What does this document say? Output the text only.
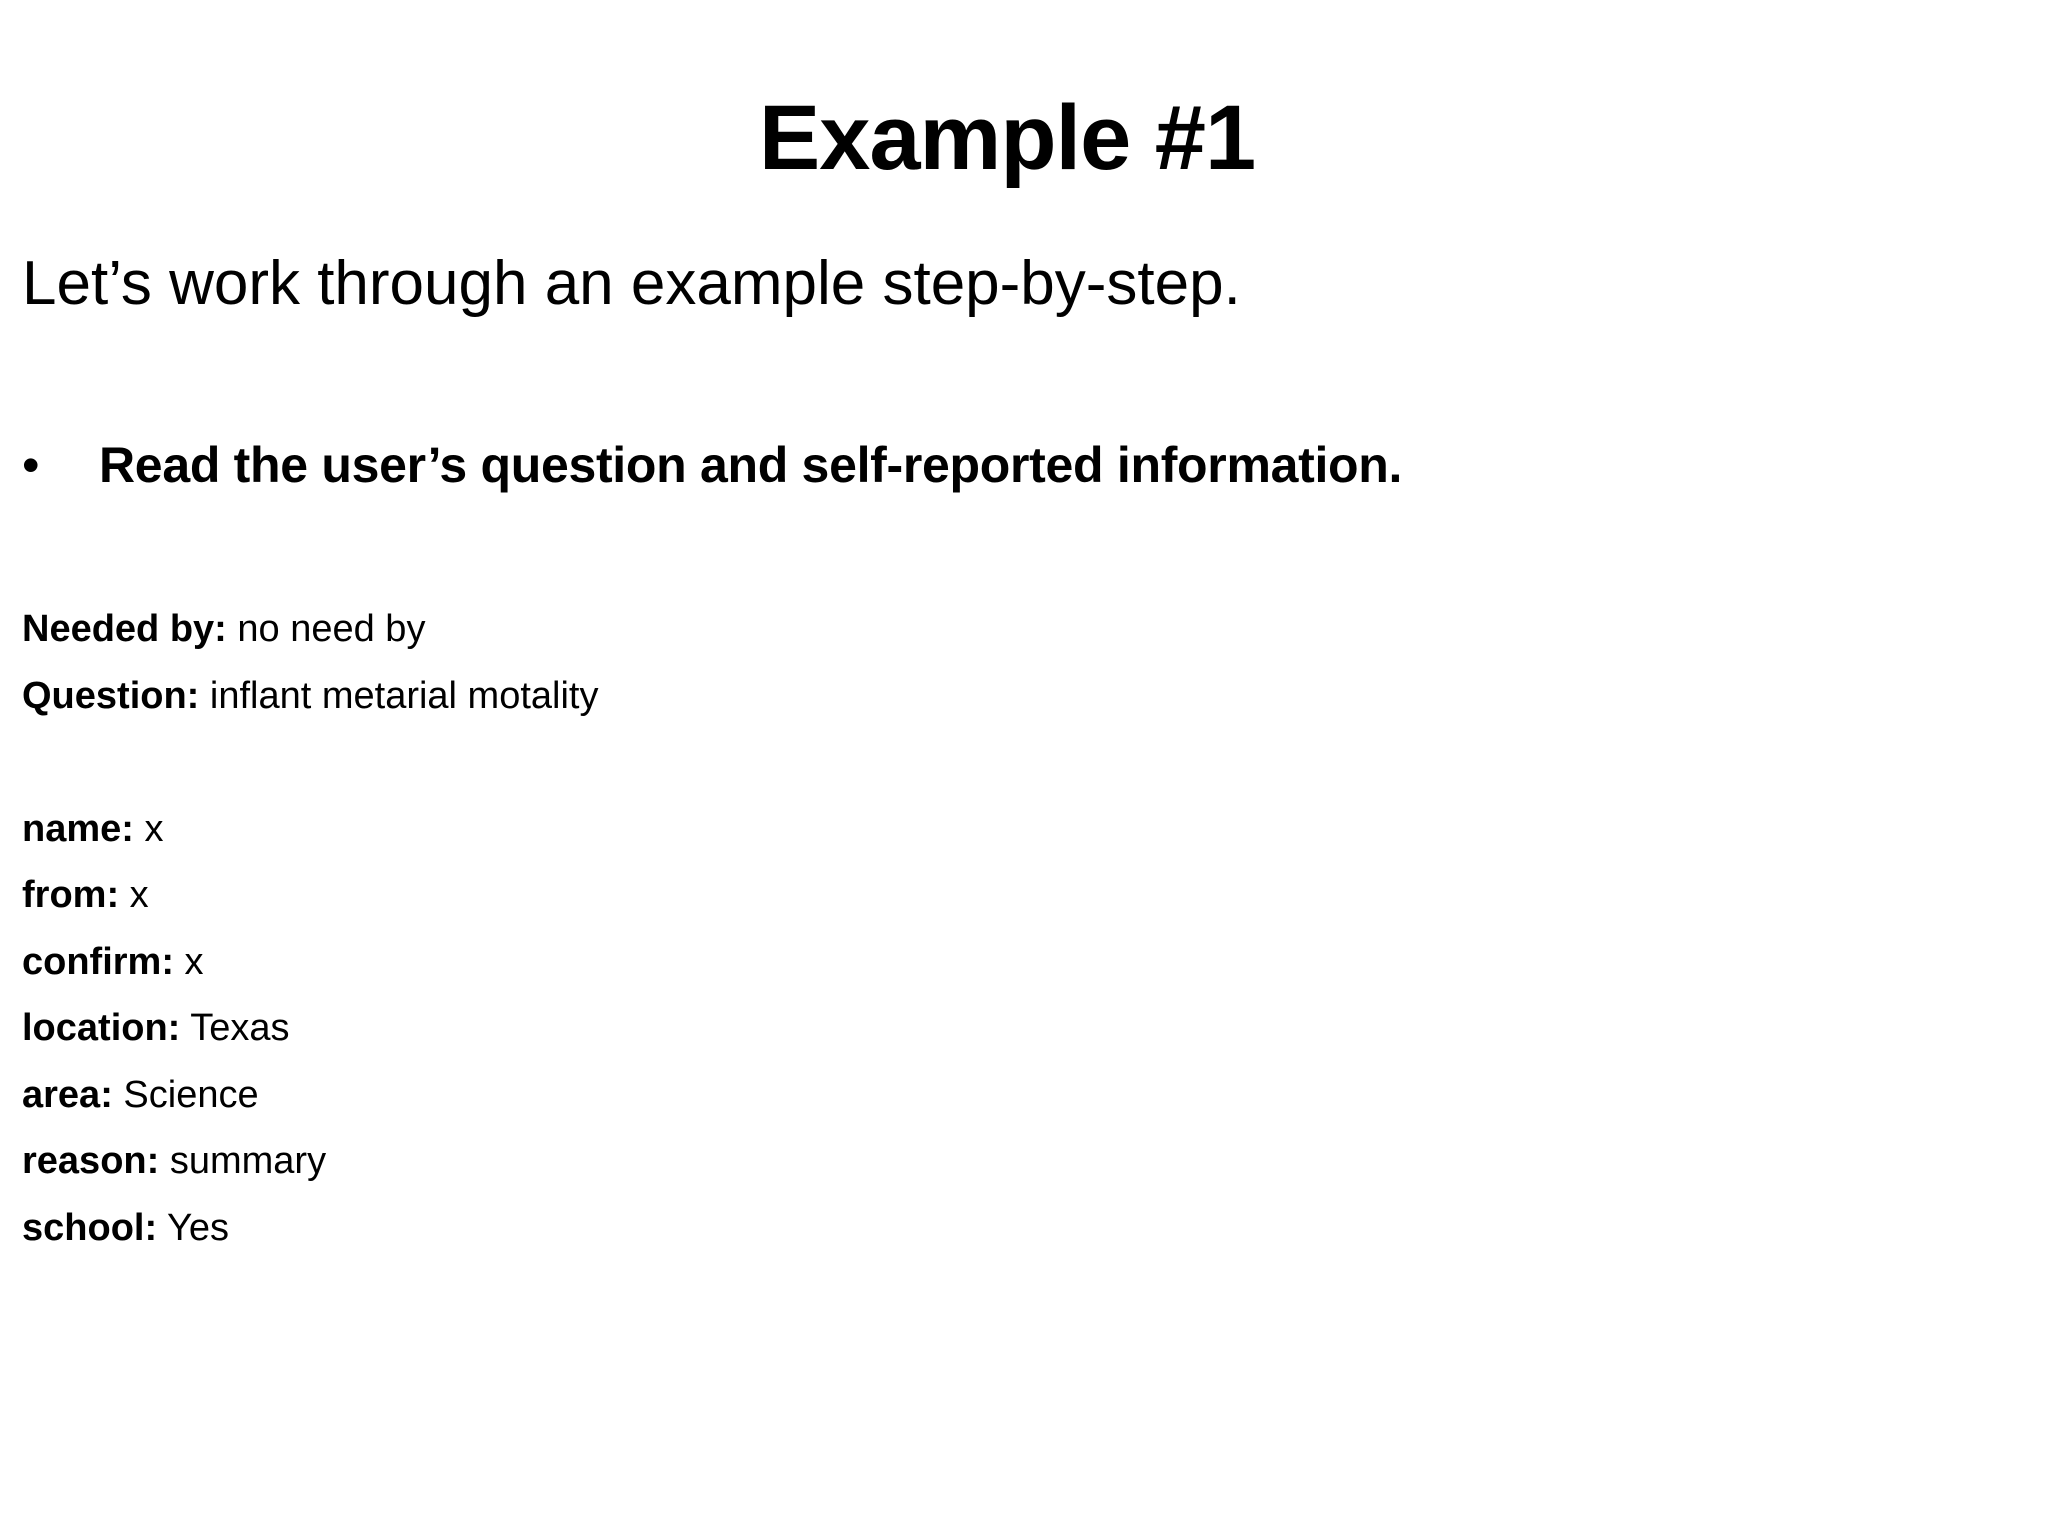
Example #1

Let’s work through an example step-by-step.

•	Read the user’s question and self-reported information.
Needed by: no need by
Question: inflant metarial motality
name: x
from: x
confirm: x
location: Texas
area: Science
reason: summary
school: Yes
